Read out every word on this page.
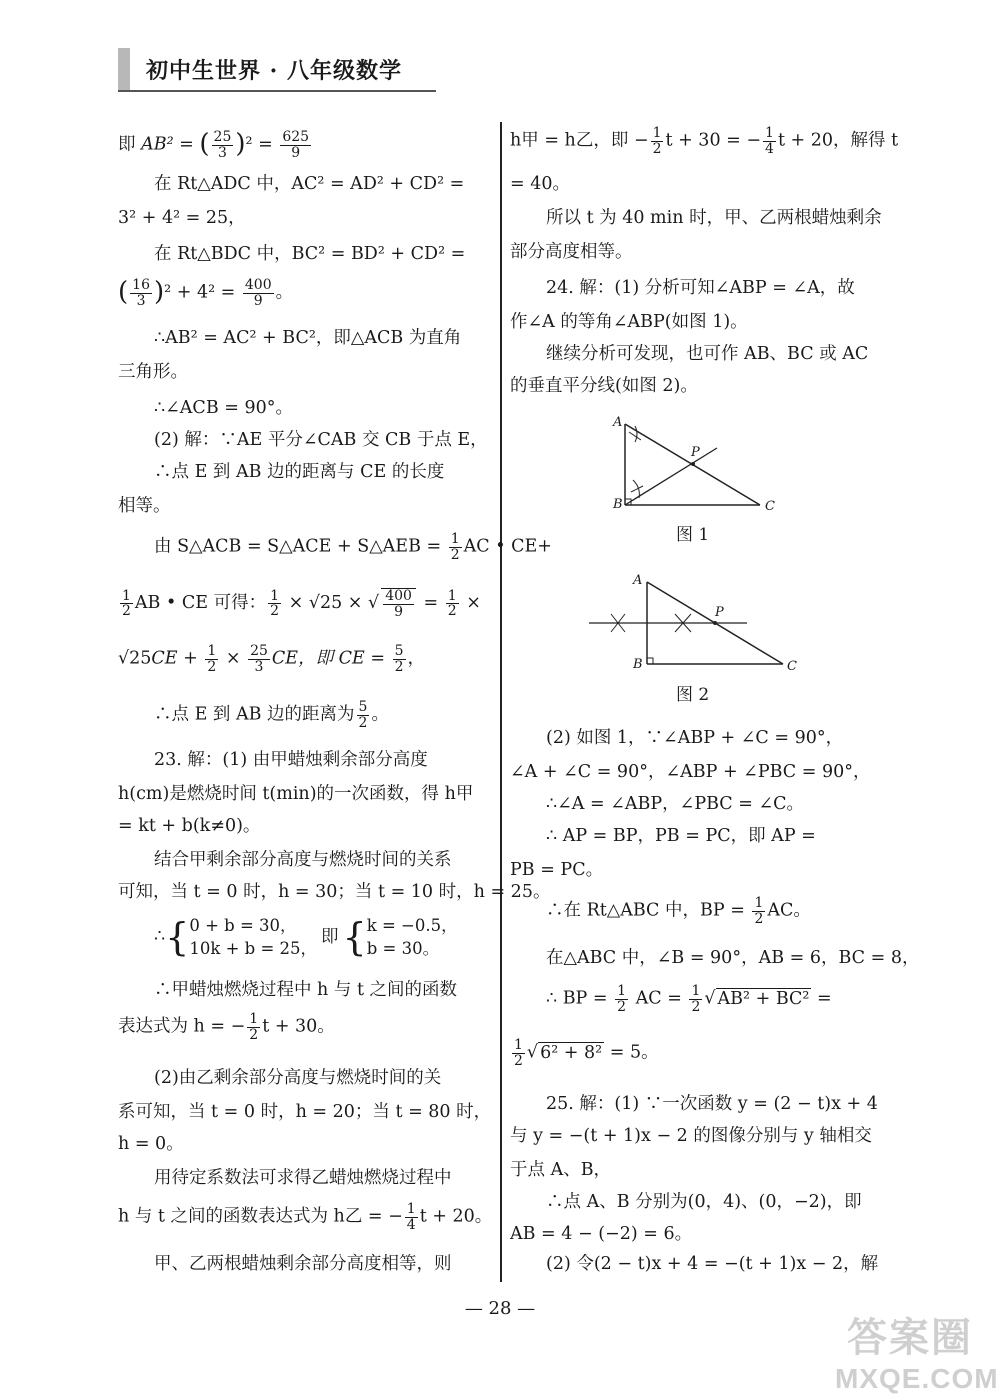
初中生世界 · 八年级数学
即 AB² = ( $\frac{25}{3} )^2 = \frac{625}{9}$
在 Rt△ADC 中，AC² = AD² + CD² =
3² + 4² = 25，
在 Rt△BDC 中，BC² = BD² + CD² =
( $\frac{16}{3} )^2 + 4^2 = \frac{400}{9}$ 。
∴AB² = AC² + BC²，即△ACB 为直角
三角形。
∴∠ACB = 90°。
(2) 解：∵AE 平分∠CAB 交 CB 于点 E，
∴点 E 到 AB 边的距离与 CE 的长度
相等。
由 S△ACB = S△ACE + S△AEB = $\frac{1}{2}$ AC • CE+
$\frac{1}{2}$ AB • CE 可得： $\frac{1}{2} \times √25$ × √ $\frac{400}{9} = \frac{1}{2}$ ×
$√25CE + \frac{1}{2} \times \frac{25}{3}$ CE，即 CE = $\frac{5}{2}$ ，
∴点 E 到 AB 边的距离为 $\frac{5}{2}$ 。
23. 解：(1) 由甲蜡烛剩余部分高度
h(cm)是燃烧时间 t(min)的一次函数，得 h甲
= kt + b(k≠0)。
结合甲剩余部分高度与燃烧时间的关系
可知，当 t = 0 时，h = 30；当 t = 10 时，h = 25。
∴{ 0 + b = 30，
10k + b = 25，
即 { k = −0.5，
b = 30。
∴甲蜡烛燃烧过程中 h 与 t 之间的函数
表达式为 h = − $\frac{1}{2}$ t + 30。
(2)由乙剩余部分高度与燃烧时间的关
系可知，当 t = 0 时，h = 20；当 t = 80 时，
h = 0。
用待定系数法可求得乙蜡烛燃烧过程中
h 与 t 之间的函数表达式为 h乙 = − $\frac{1}{4}$ t + 20。
甲、乙两根蜡烛剩余部分高度相等，则
h甲 = h乙，即 − $\frac{1}{2}$ t + 30 = − $\frac{1}{4}$ t + 20，解得 t
= 40。
所以 t 为 40 min 时，甲、乙两根蜡烛剩余
部分高度相等。
24. 解：(1) 分析可知∠ABP = ∠A，故
作∠A 的等角∠ABP(如图 1)。
继续分析可发现，也可作 AB、BC 或 AC
的垂直平分线(如图 2)。
(2) 如图 1，∵∠ABP + ∠C = 90°，
∠A + ∠C = 90°，∠ABP + ∠PBC = 90°，
∴∠A = ∠ABP，∠PBC = ∠C。
∴ AP = BP，PB = PC，即 AP =
PB = PC。
∴在 Rt△ABC 中，BP = $\frac{1}{2}$ AC。
在△ABC 中，∠B = 90°，AB = 6，BC = 8，
∴ BP = $\frac{1}{2}$ AC = $\frac{1}{2}$ √ AB² + BC² =
$\frac{1}{2}$ √ 6² + 8² = 5。
25. 解：(1) ∵一次函数 y = (2 − t)x + 4
与 y = −(t + 1)x − 2 的图像分别与 y 轴相交
于点 A、B，
∴点 A、B 分别为(0，4)、(0，−2)，即
AB = 4 − (−2) = 6。
(2) 令(2 − t)x + 4 = −(t + 1)x − 2，解
A
B	C
P
图 1
A
B	C
P
图 2
— 28 —
答案圈
MXQE.COM
